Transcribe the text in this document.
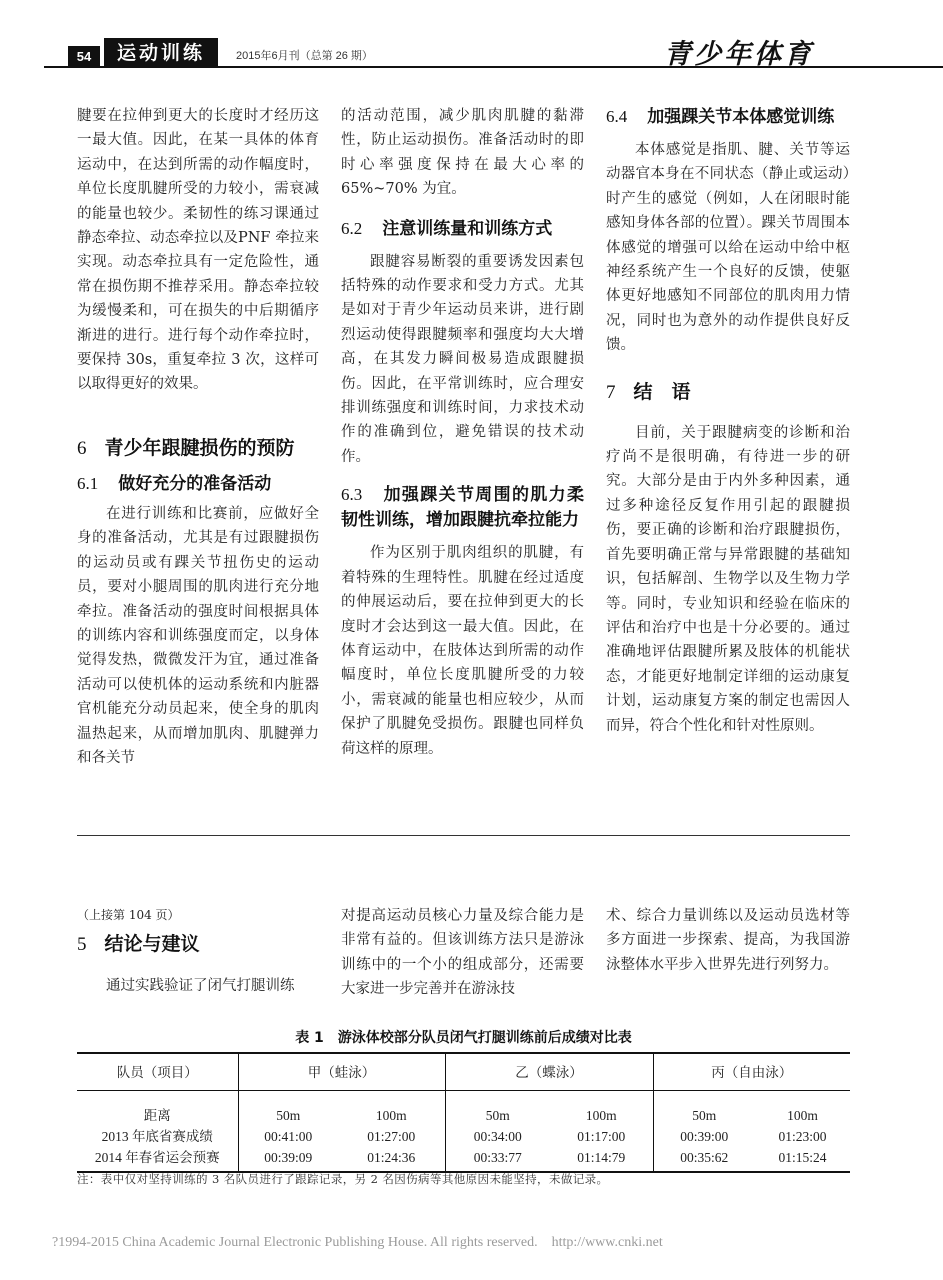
54	运动训练	2015年6月刊（总第 26 期）	青少年体育

腱要在拉伸到更大的长度时才经历这一最大值。因此，在某一具体的体育运动中，在达到所需的动作幅度时，单位长度肌腱所受的力较小，需衰减的能量也较少。柔韧性的练习课通过静态牵拉、动态牵拉以及PNF 牵拉来实现。动态牵拉具有一定危险性，通常在损伤期不推荐采用。静态牵拉较为缓慢柔和，可在损失的中后期循序渐进的进行。进行每个动作牵拉时，要保持 30s，重复牵拉 3 次，这样可以取得更好的效果。

6 青少年跟腱损伤的预防
6.1 做好充分的准备活动

在进行训练和比赛前，应做好全身的准备活动，尤其是有过跟腱损伤的运动员或有踝关节扭伤史的运动员，要对小腿周围的肌肉进行充分地牵拉。准备活动的强度时间根据具体的训练内容和训练强度而定，以身体觉得发热，微微发汗为宜，通过准备活动可以使机体的运动系统和内脏器官机能充分动员起来，使全身的肌肉温热起来，从而增加肌肉、肌腱弹力和各关节

的活动范围，减少肌肉肌腱的黏滞性，防止运动损伤。准备活动时的即时心率强度保持在最大心率的65%~70% 为宜。

6.2 注意训练量和训练方式

跟腱容易断裂的重要诱发因素包括特殊的动作要求和受力方式。尤其是如对于青少年运动员来讲，进行剧烈运动使得跟腱频率和强度均大大增高，在其发力瞬间极易造成跟腱损伤。因此，在平常训练时，应合理安排训练强度和训练时间，力求技术动作的准确到位，避免错误的技术动作。

6.3 加强踝关节周围的肌力柔韧性训练，增加跟腱抗牵拉能力

作为区别于肌肉组织的肌腱，有着特殊的生理特性。肌腱在经过适度的伸展运动后，要在拉伸到更大的长度时才会达到这一最大值。因此，在体育运动中，在肢体达到所需的动作幅度时，单位长度肌腱所受的力较小，需衰减的能量也相应较少，从而保护了肌腱免受损伤。跟腱也同样负荷这样的原理。

6.4 加强踝关节本体感觉训练

本体感觉是指肌、腱、关节等运动器官本身在不同状态（静止或运动）时产生的感觉（例如，人在闭眼时能感知身体各部的位置）。踝关节周围本体感觉的增强可以给在运动中给中枢神经系统产生一个良好的反馈，使躯体更好地感知不同部位的肌肉用力情况，同时也为意外的动作提供良好反馈。

7 结　语

目前，关于跟腱病变的诊断和治疗尚不是很明确，有待进一步的研究。大部分是由于内外多种因素，通过多种途径反复作用引起的跟腱损伤，要正确的诊断和治疗跟腱损伤，首先要明确正常与异常跟腱的基础知识，包括解剖、生物学以及生物力学等。同时，专业知识和经验在临床的评估和治疗中也是十分必要的。通过准确地评估跟腱所累及肢体的机能状态，才能更好地制定详细的运动康复计划，运动康复方案的制定也需因人而异，符合个性化和针对性原则。

（上接第 104 页）
5 结论与建议

通过实践验证了闭气打腿训练

对提高运动员核心力量及综合能力是非常有益的。但该训练方法只是游泳训练中的一个小的组成部分，还需要大家进一步完善并在游泳技

术、综合力量训练以及运动员选材等多方面进一步探索、提高，为我国游泳整体水平步入世界先进行列努力。

表 1　游泳体校部分队员闭气打腿训练前后成绩对比表
队员（项目）	甲（蛙泳）		乙（蝶泳）		丙（自由泳）	
距离	50m	100m	50m	100m	50m	100m
2013 年底省赛成绩	00:41:00	01:27:00	00:34:00	01:17:00	00:39:00	01:23:00
2014 年春省运会预赛	00:39:09	01:24:36	00:33:77	01:14:79	00:35:62	01:15:24
注：表中仅对坚持训练的 3 名队员进行了跟踪记录，另 2 名因伤病等其他原因未能坚持，未做记录。
?1994-2015 China Academic Journal Electronic Publishing House. All rights reserved.    http://www.cnki.net
